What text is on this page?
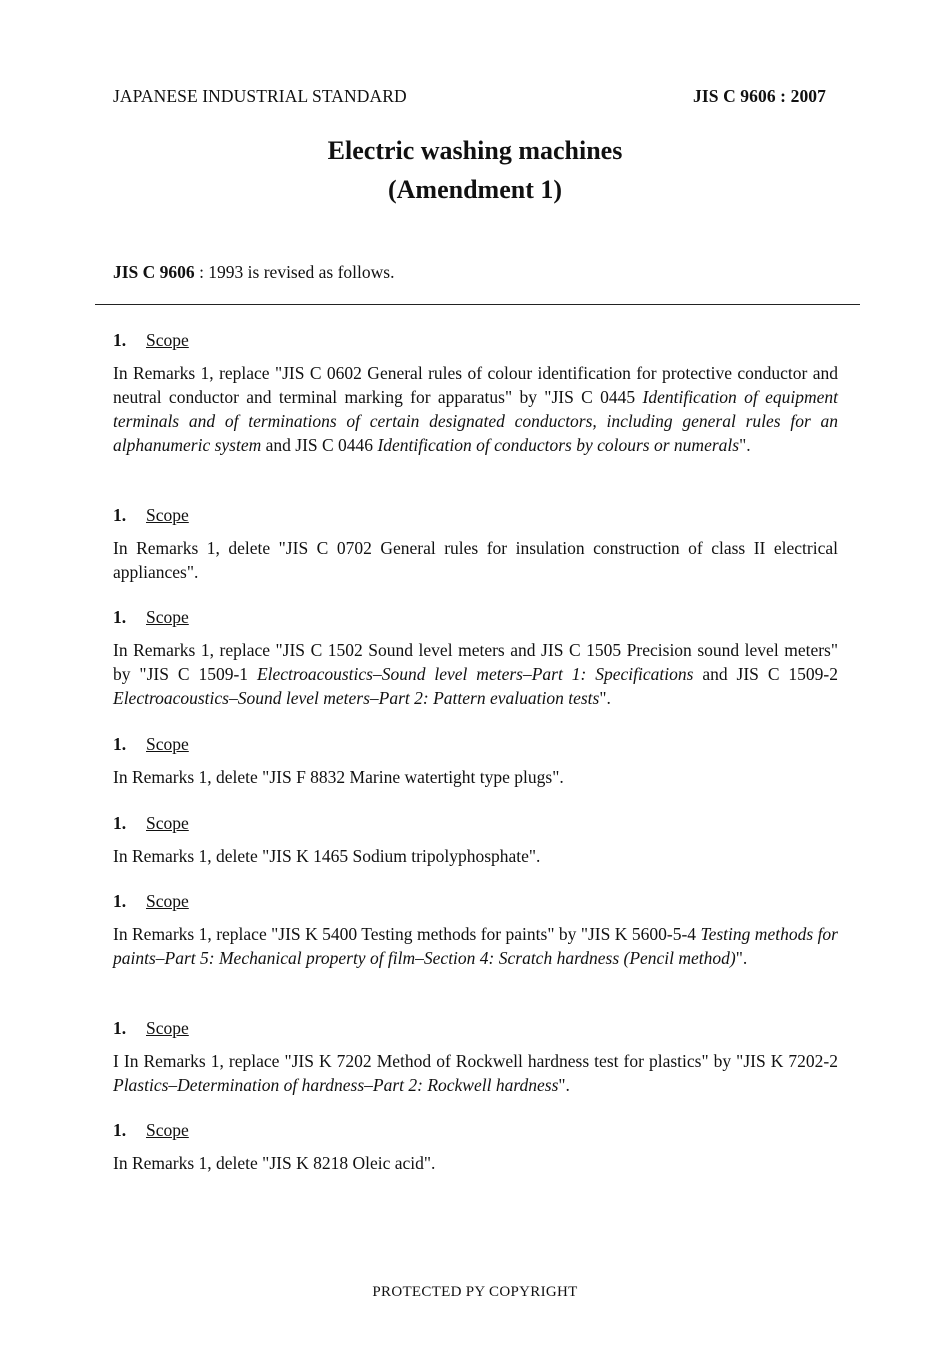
JAPANESE INDUSTRIAL STANDARD	JIS C 9606 : 2007
Electric washing machines
(Amendment 1)
JIS C 9606 : 1993 is revised as follows.
1. Scope
In Remarks 1, replace "JIS C 0602 General rules of colour identification for protective conductor and neutral conductor and terminal marking for apparatus" by "JIS C 0445 Identification of equipment terminals and of terminations of certain designated conductors, including general rules for an alphanumeric system and JIS C 0446 Identification of conductors by colours or numerals".
1. Scope
In Remarks 1, delete "JIS C 0702 General rules for insulation construction of class II electrical appliances".
1. Scope
In Remarks 1, replace "JIS C 1502 Sound level meters and JIS C 1505 Precision sound level meters" by "JIS C 1509-1 Electroacoustics–Sound level meters–Part 1: Specifications and JIS C 1509-2 Electroacoustics–Sound level meters–Part 2: Pattern evaluation tests".
1. Scope
In Remarks 1, delete "JIS F 8832 Marine watertight type plugs".
1. Scope
In Remarks 1, delete "JIS K 1465 Sodium tripolyphosphate".
1. Scope
In Remarks 1, replace "JIS K 5400 Testing methods for paints" by "JIS K 5600-5-4 Testing methods for paints–Part 5: Mechanical property of film–Section 4: Scratch hardness (Pencil method)".
1. Scope
I In Remarks 1, replace "JIS K 7202 Method of Rockwell hardness test for plastics" by "JIS K 7202-2 Plastics–Determination of hardness–Part 2: Rockwell hardness".
1. Scope
In Remarks 1, delete "JIS K 8218 Oleic acid".
PROTECTED PY COPYRIGHT
